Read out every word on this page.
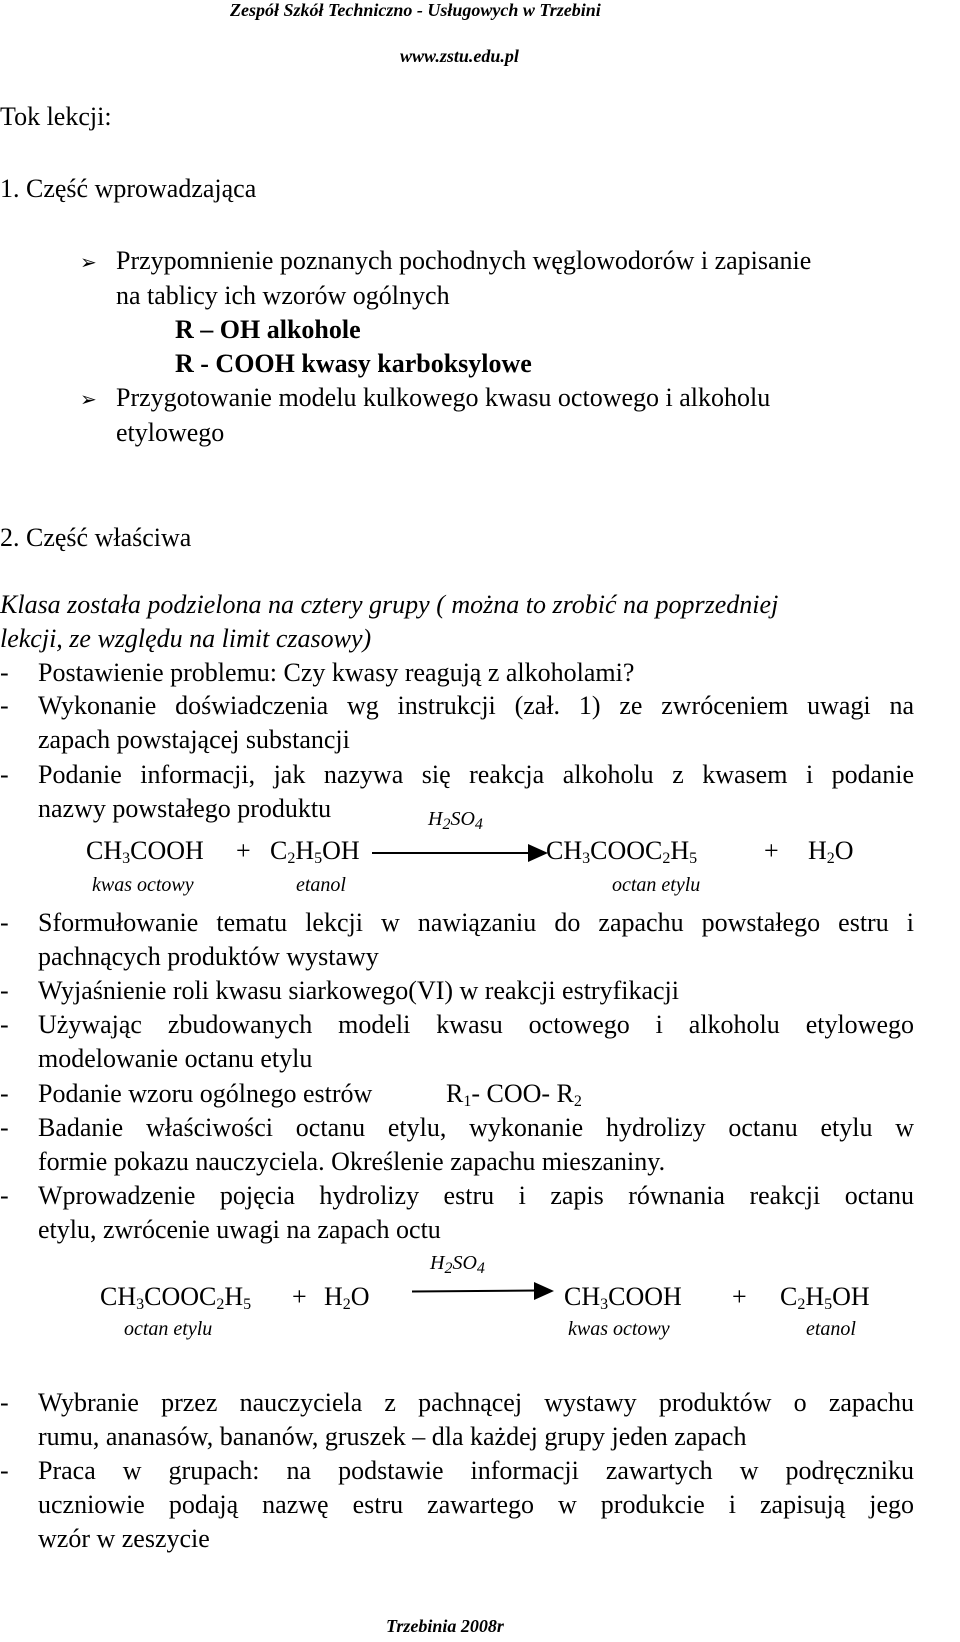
Zespół Szkół Techniczno - Usługowych w Trzebini
www.zstu.edu.pl
Tok lekcji:
1. Część wprowadzająca
➢ Przypomnienie poznanych pochodnych węglowodorów i zapisanie
na tablicy ich wzorów ogólnych
R – OH alkohole
R - COOH kwasy karboksylowe
➢ Przygotowanie modelu kulkowego kwasu octowego i alkoholu
etylowego
2. Część właściwa
Klasa została podzielona na cztery grupy ( można to zrobić na poprzedniej
lekcji, ze względu na limit czasowy)
- Postawienie problemu: Czy kwasy reagują z alkoholami?
- Wykonanie doświadczenia wg instrukcji (zał. 1) ze zwróceniem uwagi na
zapach powstającej substancji
- Podanie informacji, jak nazywa się reakcja alkoholu z kwasem i podanie
nazwy powstałego produktu	$H_2SO_4$
$CH_3COOH + C_2H_5OH$	$CH_3COOC_2H_5$	+ $H_2O$
kwas octowy	etanol	octan etylu
- Sformułowanie tematu lekcji w nawiązaniu do zapachu powstałego estru i
pachnących produktów wystawy
- Wyjaśnienie roli kwasu siarkowego(VI) w reakcji estryfikacji
- Używając zbudowanych modeli kwasu octowego i alkoholu etylowego
modelowanie octanu etylu
- Podanie wzoru ogólnego estrów	$R_1-$ COO- $R_2$
- Badanie właściwości octanu etylu, wykonanie hydrolizy octanu etylu w
formie pokazu nauczyciela. Określenie zapachu mieszaniny.
- Wprowadzenie pojęcia hydrolizy estru i zapis równania reakcji octanu
etylu, zwrócenie uwagi na zapach octu
$H_2SO_4$
$CH_3COOC_2H_5 + H_2O$	$CH_3COOH + C_2H_5OH$
octan etylu	kwas octowy	etanol
- Wybranie przez nauczyciela z pachnącej wystawy produktów o zapachu
rumu, ananasów, bananów, gruszek – dla każdej grupy jeden zapach
- Praca w grupach: na podstawie informacji zawartych w podręczniku
uczniowie podają nazwę estru zawartego w produkcie i zapisują jego
wzór w zeszycie
Trzebinia 2008r
